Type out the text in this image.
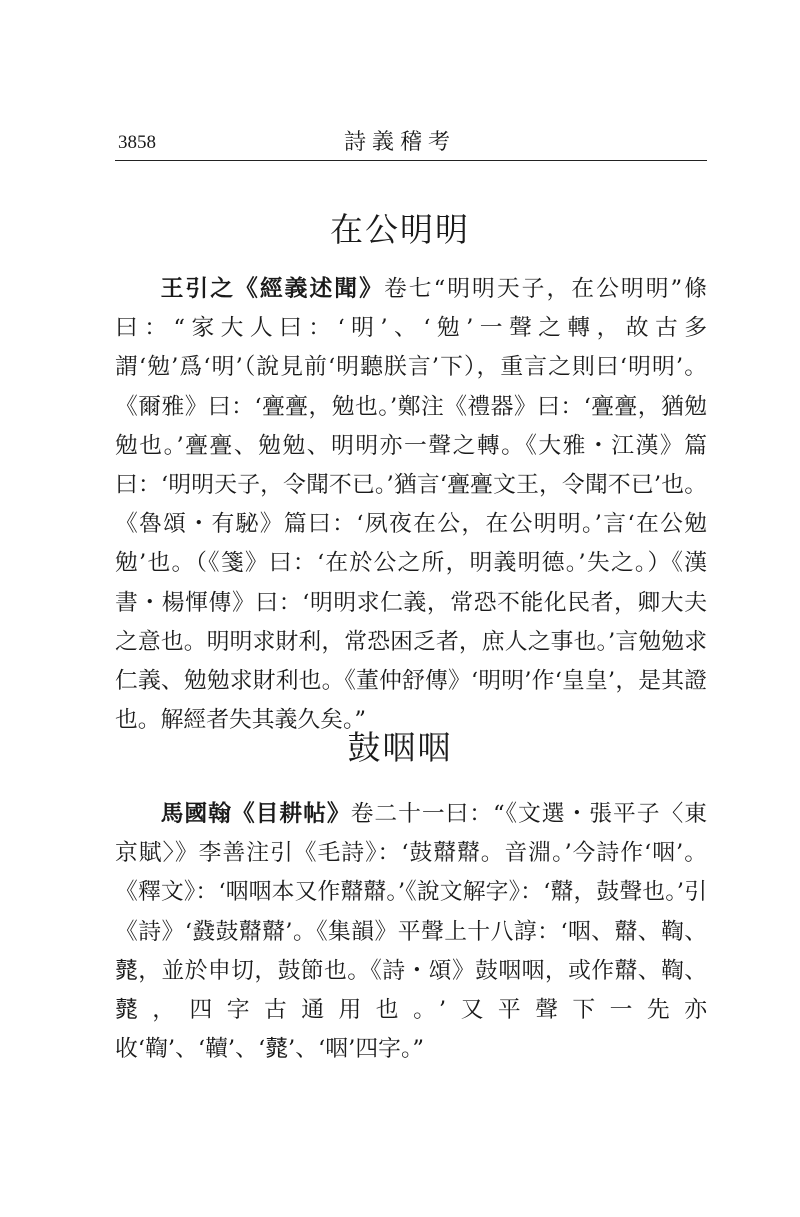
3858	詩義稽考
在公明明

王引之《經義述聞》卷七“明明天子，在公明明”條曰：“家大人曰：‘明’、‘勉’一聲之轉，故古多謂‘勉’爲‘明’（說見前‘明聽朕言’下），重言之則曰‘明明’。《爾雅》曰：‘亹亹，勉也。’鄭注《禮器》曰：‘亹亹，猶勉勉也。’亹亹、勉勉、明明亦一聲之轉。《大雅・江漢》篇曰：‘明明天子，令聞不已。’猶言‘亹亹文王，令聞不已’也。《魯頌・有駜》篇曰：‘夙夜在公，在公明明。’言‘在公勉勉’也。（《箋》曰：‘在於公之所，明義明德。’失之。）《漢書・楊惲傳》曰：‘明明求仁義，常恐不能化民者，卿大夫之意也。明明求財利，常恐困乏者，庶人之事也。’言勉勉求仁義、勉勉求財利也。《董仲舒傳》‘明明’作‘皇皇’，是其證也。解經者失其義久矣。”

鼓咽咽

馬國翰《目耕帖》卷二十一曰：“《文選・張平子〈東京賦〉》李善注引《毛詩》：‘鼓鼘鼘。音淵。’今詩作‘咽’。《釋文》：‘咽咽本又作鼘鼘。’《說文解字》：‘鼘，鼓聲也。’引《詩》‘鼗鼓鼘鼘’。《集韻》平聲上十八諄：‘咽、鼘、鞫、𪔛，並於申切，鼓節也。《詩・頌》鼓咽咽，或作鼘、鞫、𪔛，四字古通用也。’又平聲下一先亦收‘鞫’、‘韇’、‘𪔛’、‘咽’四字。”
